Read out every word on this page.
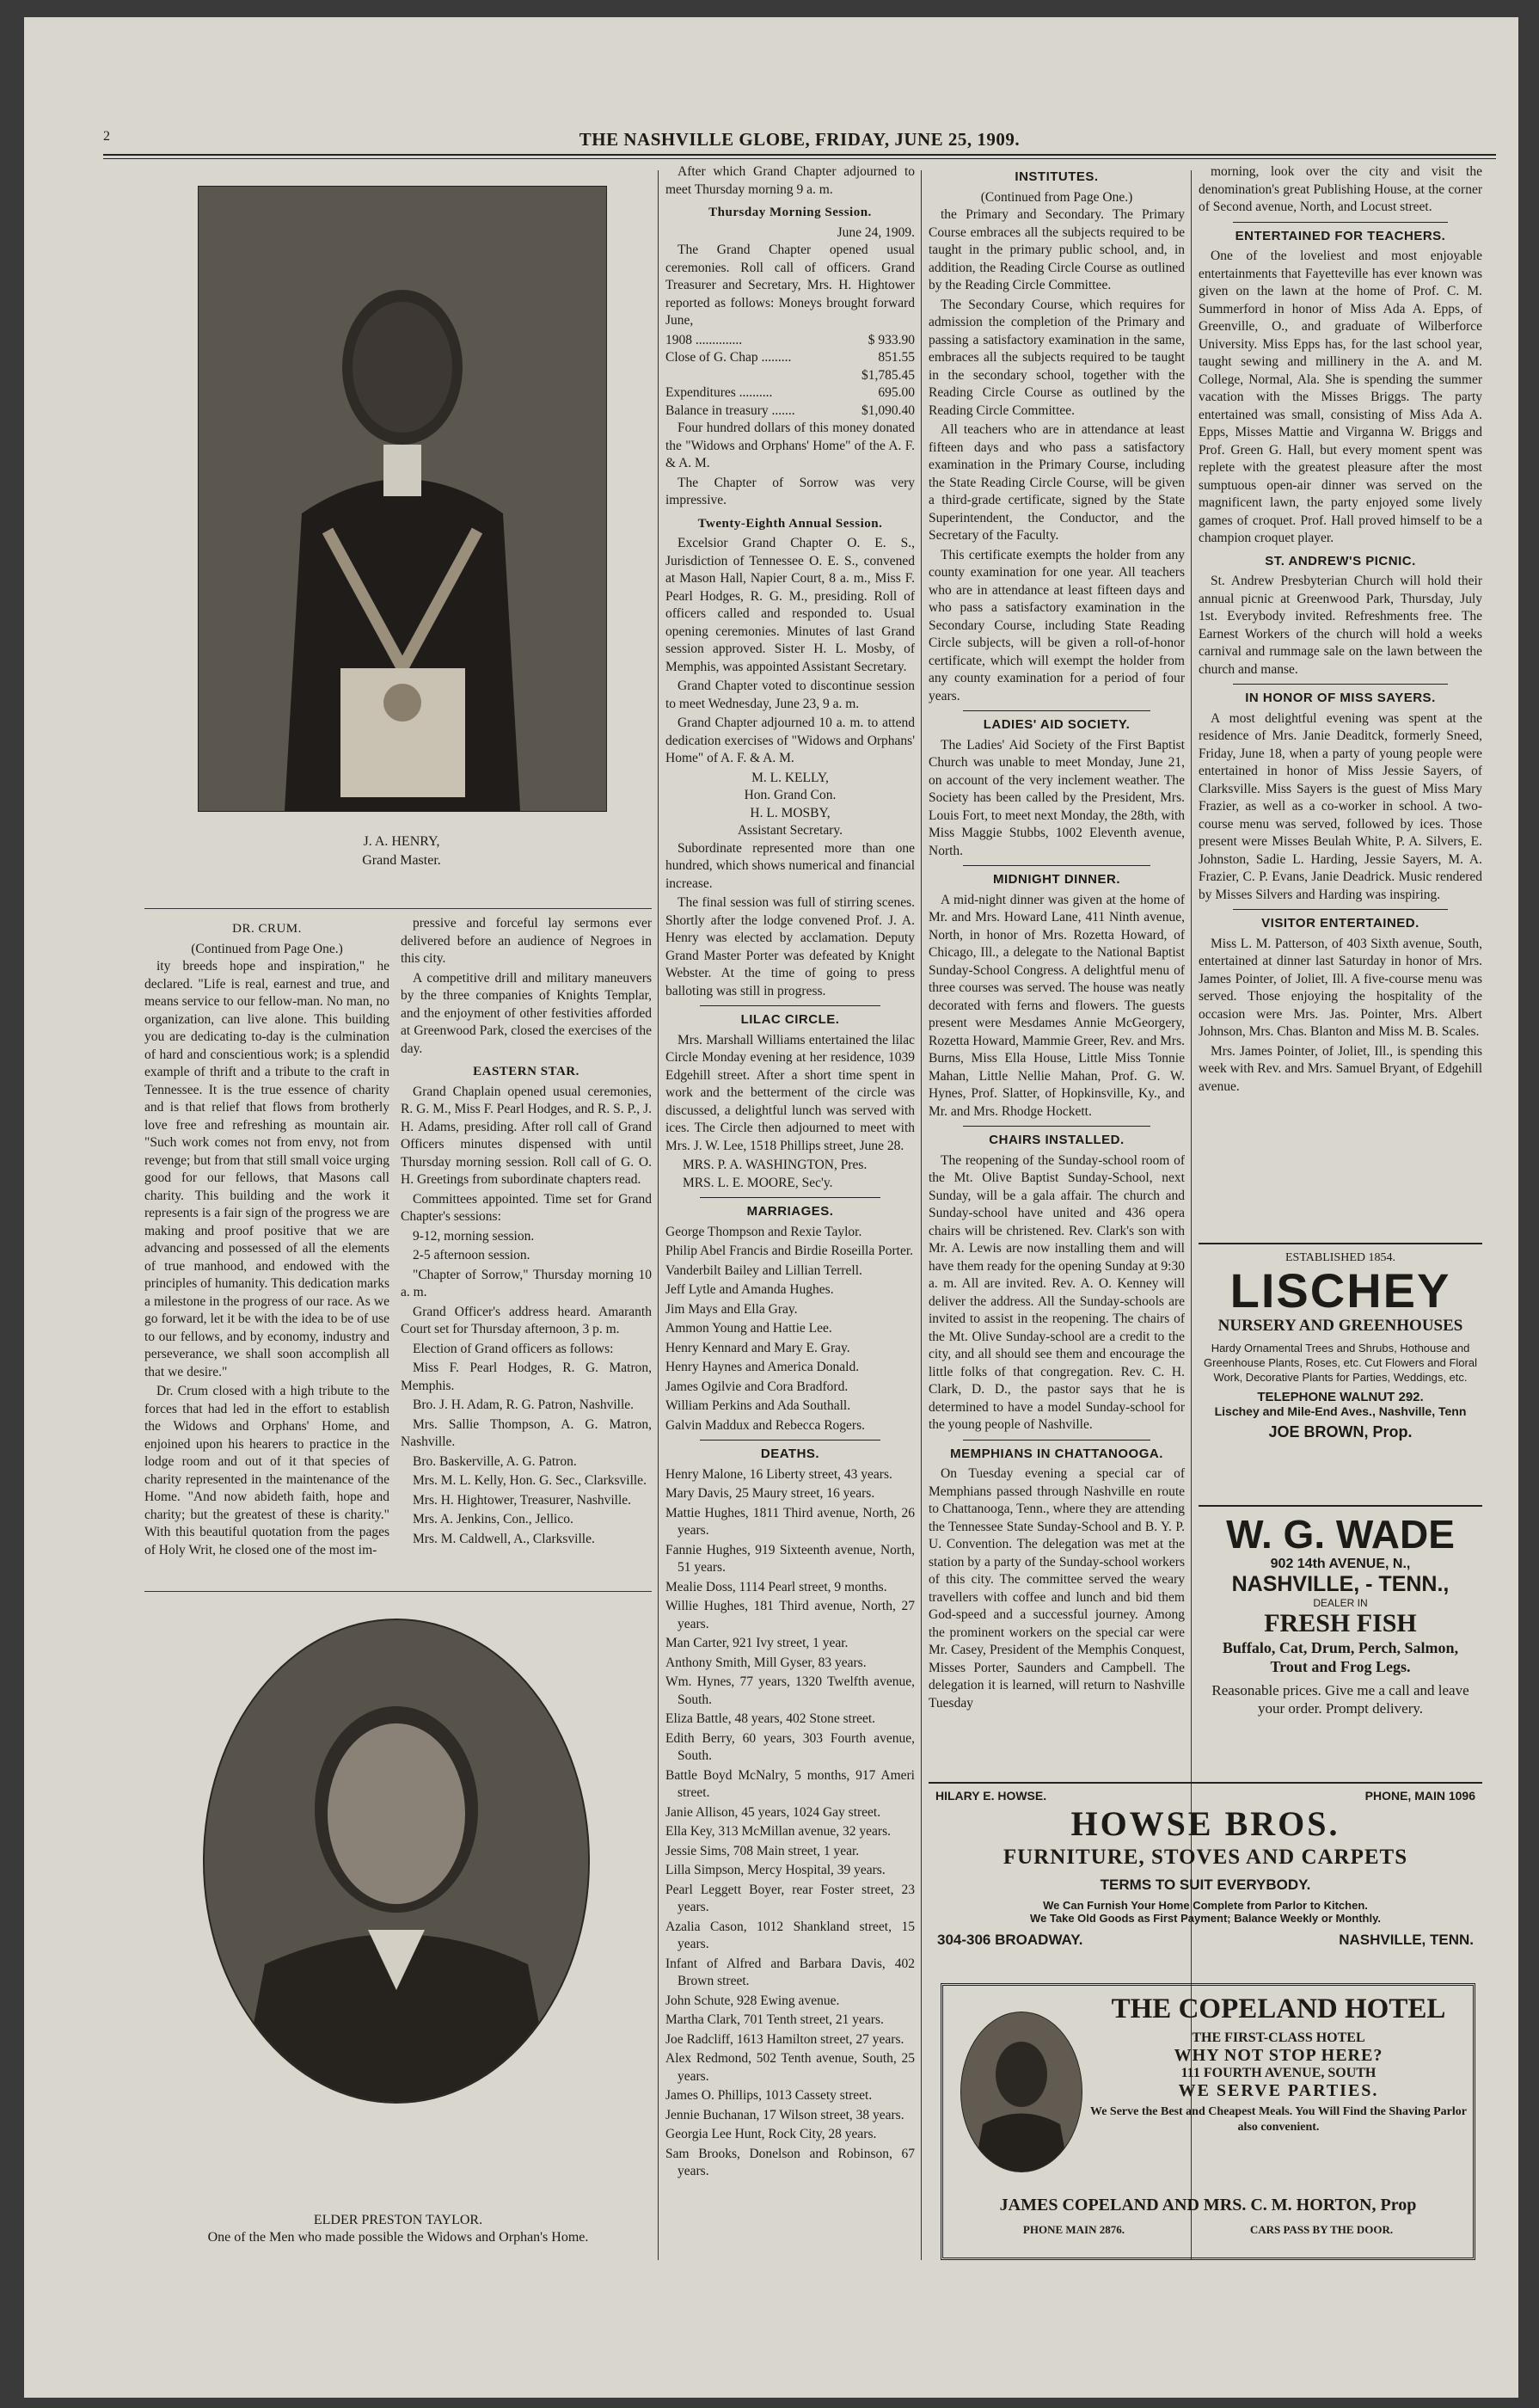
2	THE NASHVILLE GLOBE, FRIDAY, JUNE 25, 1909.
J. A. HENRY,
Grand Master.
DR. CRUM.
(Continued from Page One.)

ity breeds hope and inspiration," he declared. "Life is real, earnest and true, and means service to our fellow-man. No man, no organization, can live alone. This building you are dedicating to-day is the culmination of hard and conscientious work; is a splendid example of thrift and a tribute to the craft in Tennessee. It is the true essence of charity and is that relief that flows from brotherly love free and refreshing as mountain air. "Such work comes not from envy, not from revenge; but from that still small voice urging good for our fellows, that Masons call charity. This building and the work it represents is a fair sign of the progress we are making and proof positive that we are advancing and possessed of all the elements of true manhood, and endowed with the principles of humanity. This dedication marks a milestone in the progress of our race. As we go forward, let it be with the idea to be of use to our fellows, and by economy, industry and perseverance, we shall soon accomplish all that we desire."

Dr. Crum closed with a high tribute to the forces that had led in the effort to establish the Widows and Orphans' Home, and enjoined upon his hearers to practice in the lodge room and out of it that species of charity represented in the maintenance of the Home. "And now abideth faith, hope and charity; but the greatest of these is charity." With this beautiful quotation from the pages of Holy Writ, he closed one of the most im-

pressive and forceful lay sermons ever delivered before an audience of Negroes in this city.

A competitive drill and military maneuvers by the three companies of Knights Templar, and the enjoyment of other festivities afforded at Greenwood Park, closed the exercises of the day.

EASTERN STAR.

Grand Chaplain opened usual ceremonies, R. G. M., Miss F. Pearl Hodges, and R. S. P., J. H. Adams, presiding. After roll call of Grand Officers minutes dispensed with until Thursday morning session. Roll call of G. O. H. Greetings from subordinate chapters read.

Committees appointed. Time set for Grand Chapter's sessions:

9-12, morning session.

2-5 afternoon session.

"Chapter of Sorrow," Thursday morning 10 a. m.

Grand Officer's address heard. Amaranth Court set for Thursday afternoon, 3 p. m.

Election of Grand officers as follows:

Miss F. Pearl Hodges, R. G. Matron, Memphis.

Bro. J. H. Adam, R. G. Patron, Nashville.

Mrs. Sallie Thompson, A. G. Matron, Nashville.

Bro. Baskerville, A. G. Patron.

Mrs. M. L. Kelly, Hon. G. Sec., Clarksville.

Mrs. H. Hightower, Treasurer, Nashville.

Mrs. A. Jenkins, Con., Jellico.

Mrs. M. Caldwell, A., Clarksville.

ELDER PRESTON TAYLOR.
One of the Men who made possible the Widows and Orphan's Home.

After which Grand Chapter adjourned to meet Thursday morning 9 a. m.

Thursday Morning Session.
June 24, 1909.

The Grand Chapter opened usual ceremonies. Roll call of officers. Grand Treasurer and Secretary, Mrs. H. Hightower reported as follows: Moneys brought forward June,

1908 ..............	$ 933.90
Close of G. Chap .........	851.55
$1,785.45
Expenditures ..........	695.00
Balance in treasury .......	$1,090.40

Four hundred dollars of this money donated the "Widows and Orphans' Home" of the A. F. & A. M.

The Chapter of Sorrow was very impressive.

Twenty-Eighth Annual Session.

Excelsior Grand Chapter O. E. S., Jurisdiction of Tennessee O. E. S., convened at Mason Hall, Napier Court, 8 a. m., Miss F. Pearl Hodges, R. G. M., presiding. Roll of officers called and responded to. Usual opening ceremonies. Minutes of last Grand session approved. Sister H. L. Mosby, of Memphis, was appointed Assistant Secretary.

Grand Chapter voted to discontinue session to meet Wednesday, June 23, 9 a. m.

Grand Chapter adjourned 10 a. m. to attend dedication exercises of "Widows and Orphans' Home" of A. F. & A. M.

M. L. KELLY,
Hon. Grand Con.
H. L. MOSBY,
Assistant Secretary.

Subordinate represented more than one hundred, which shows numerical and financial increase.

The final session was full of stirring scenes. Shortly after the lodge convened Prof. J. A. Henry was elected by acclamation. Deputy Grand Master Porter was defeated by Knight Webster. At the time of going to press balloting was still in progress.

LILAC CIRCLE.

Mrs. Marshall Williams entertained the lilac Circle Monday evening at her residence, 1039 Edgehill street. After a short time spent in work and the betterment of the circle was discussed, a delightful lunch was served with ices. The Circle then adjourned to meet with Mrs. J. W. Lee, 1518 Phillips street, June 28.

MRS. P. A. WASHINGTON, Pres.
MRS. L. E. MOORE, Sec'y.
MARRIAGES.

George Thompson and Rexie Taylor.

Philip Abel Francis and Birdie Roseilla Porter.

Vanderbilt Bailey and Lillian Terrell.

Jeff Lytle and Amanda Hughes.

Jim Mays and Ella Gray.

Ammon Young and Hattie Lee.

Henry Kennard and Mary E. Gray.

Henry Haynes and America Donald.

James Ogilvie and Cora Bradford.

William Perkins and Ada Southall.

Galvin Maddux and Rebecca Rogers.

DEATHS.

Henry Malone, 16 Liberty street, 43 years.

Mary Davis, 25 Maury street, 16 years.

Mattie Hughes, 1811 Third avenue, North, 26 years.

Fannie Hughes, 919 Sixteenth avenue, North, 51 years.

Mealie Doss, 1114 Pearl street, 9 months.

Willie Hughes, 181 Third avenue, North, 27 years.

Man Carter, 921 Ivy street, 1 year.

Anthony Smith, Mill Gyser, 83 years.

Wm. Hynes, 77 years, 1320 Twelfth avenue, South.

Eliza Battle, 48 years, 402 Stone street.

Edith Berry, 60 years, 303 Fourth avenue, South.

Battle Boyd McNalry, 5 months, 917 Ameri street.

Janie Allison, 45 years, 1024 Gay street.

Ella Key, 313 McMillan avenue, 32 years.

Jessie Sims, 708 Main street, 1 year.

Lilla Simpson, Mercy Hospital, 39 years.

Pearl Leggett Boyer, rear Foster street, 23 years.

Azalia Cason, 1012 Shankland street, 15 years.

Infant of Alfred and Barbara Davis, 402 Brown street.

John Schute, 928 Ewing avenue.

Martha Clark, 701 Tenth street, 21 years.

Joe Radcliff, 1613 Hamilton street, 27 years.

Alex Redmond, 502 Tenth avenue, South, 25 years.

James O. Phillips, 1013 Cassety street.

Jennie Buchanan, 17 Wilson street, 38 years.

Georgia Lee Hunt, Rock City, 28 years.

Sam Brooks, Donelson and Robinson, 67 years.

INSTITUTES.
(Continued from Page One.)

the Primary and Secondary. The Primary Course embraces all the subjects required to be taught in the primary public school, and, in addition, the Reading Circle Course as outlined by the Reading Circle Committee.

The Secondary Course, which requires for admission the completion of the Primary and passing a satisfactory examination in the same, embraces all the subjects required to be taught in the secondary school, together with the Reading Circle Course as outlined by the Reading Circle Committee.

All teachers who are in attendance at least fifteen days and who pass a satisfactory examination in the Primary Course, including the State Reading Circle Course, will be given a third-grade certificate, signed by the State Superintendent, the Conductor, and the Secretary of the Faculty.

This certificate exempts the holder from any county examination for one year. All teachers who are in attendance at least fifteen days and who pass a satisfactory examination in the Secondary Course, including State Reading Circle subjects, will be given a roll-of-honor certificate, which will exempt the holder from any county examination for a period of four years.

LADIES' AID SOCIETY.

The Ladies' Aid Society of the First Baptist Church was unable to meet Monday, June 21, on account of the very inclement weather. The Society has been called by the President, Mrs. Louis Fort, to meet next Monday, the 28th, with Miss Maggie Stubbs, 1002 Eleventh avenue, North.

MIDNIGHT DINNER.

A mid-night dinner was given at the home of Mr. and Mrs. Howard Lane, 411 Ninth avenue, North, in honor of Mrs. Rozetta Howard, of Chicago, Ill., a delegate to the National Baptist Sunday-School Congress. A delightful menu of three courses was served. The house was neatly decorated with ferns and flowers. The guests present were Mesdames Annie McGeorgery, Rozetta Howard, Mammie Greer, Rev. and Mrs. Burns, Miss Ella House, Little Miss Tonnie Mahan, Little Nellie Mahan, Prof. G. W. Hynes, Prof. Slatter, of Hopkinsville, Ky., and Mr. and Mrs. Rhodge Hockett.

CHAIRS INSTALLED.

The reopening of the Sunday-school room of the Mt. Olive Baptist Sunday-School, next Sunday, will be a gala affair. The church and Sunday-school have united and 436 opera chairs will be christened. Rev. Clark's son with Mr. A. Lewis are now installing them and will have them ready for the opening Sunday at 9:30 a. m. All are invited. Rev. A. O. Kenney will deliver the address. All the Sunday-schools are invited to assist in the reopening. The chairs of the Mt. Olive Sunday-school are a credit to the city, and all should see them and encourage the little folks of that congregation. Rev. C. H. Clark, D. D., the pastor says that he is determined to have a model Sunday-school for the young people of Nashville.

MEMPHIANS IN CHATTANOOGA.

On Tuesday evening a special car of Memphians passed through Nashville en route to Chattanooga, Tenn., where they are attending the Tennessee State Sunday-School and B. Y. P. U. Convention. The delegation was met at the station by a party of the Sunday-school workers of this city. The committee served the weary travellers with coffee and lunch and bid them God-speed and a successful journey. Among the prominent workers on the special car were Mr. Casey, President of the Memphis Conquest, Misses Porter, Saunders and Campbell. The delegation it is learned, will return to Nashville Tuesday

morning, look over the city and visit the denomination's great Publishing House, at the corner of Second avenue, North, and Locust street.

ENTERTAINED FOR TEACHERS.

One of the loveliest and most enjoyable entertainments that Fayetteville has ever known was given on the lawn at the home of Prof. C. M. Summerford in honor of Miss Ada A. Epps, of Greenville, O., and graduate of Wilberforce University. Miss Epps has, for the last school year, taught sewing and millinery in the A. and M. College, Normal, Ala. She is spending the summer vacation with the Misses Briggs. The party entertained was small, consisting of Miss Ada A. Epps, Misses Mattie and Virganna W. Briggs and Prof. Green G. Hall, but every moment spent was replete with the greatest pleasure after the most sumptuous open-air dinner was served on the magnificent lawn, the party enjoyed some lively games of croquet. Prof. Hall proved himself to be a champion croquet player.

ST. ANDREW'S PICNIC.

St. Andrew Presbyterian Church will hold their annual picnic at Greenwood Park, Thursday, July 1st. Everybody invited. Refreshments free. The Earnest Workers of the church will hold a weeks carnival and rummage sale on the lawn between the church and manse.

IN HONOR OF MISS SAYERS.

A most delightful evening was spent at the residence of Mrs. Janie Deaditck, formerly Sneed, Friday, June 18, when a party of young people were entertained in honor of Miss Jessie Sayers, of Clarksville. Miss Sayers is the guest of Miss Mary Frazier, as well as a co-worker in school. A two-course menu was served, followed by ices. Those present were Misses Beulah White, P. A. Silvers, E. Johnston, Sadie L. Harding, Jessie Sayers, M. A. Frazier, C. P. Evans, Janie Deadrick. Music rendered by Misses Silvers and Harding was inspiring.

VISITOR ENTERTAINED.

Miss L. M. Patterson, of 403 Sixth avenue, South, entertained at dinner last Saturday in honor of Mrs. James Pointer, of Joliet, Ill. A five-course menu was served. Those enjoying the hospitality of the occasion were Mrs. Jas. Pointer, Mrs. Albert Johnson, Mrs. Chas. Blanton and Miss M. B. Scales.

Mrs. James Pointer, of Joliet, Ill., is spending this week with Rev. and Mrs. Samuel Bryant, of Edgehill avenue.

ESTABLISHED 1854.
LISCHEY
NURSERY AND GREENHOUSES
Hardy Ornamental Trees and Shrubs, Hothouse and Greenhouse Plants, Roses, etc. Cut Flowers and Floral Work, Decorative Plants for Parties, Weddings, etc.
TELEPHONE WALNUT 292.
Lischey and Mile-End Aves., Nashville, Tenn
JOE BROWN, Prop.
W. G. WADE
902 14th AVENUE, N.,
NASHVILLE, - TENN.,
DEALER IN
FRESH FISH
Buffalo, Cat, Drum, Perch, Salmon, Trout and Frog Legs.
Reasonable prices. Give me a call and leave your order. Prompt delivery.
HILARY E. HOWSE.	PHONE, MAIN 1096
HOWSE BROS.
FURNITURE, STOVES AND CARPETS
TERMS TO SUIT EVERYBODY.
We Can Furnish Your Home Complete from Parlor to Kitchen.
We Take Old Goods as First Payment; Balance Weekly or Monthly.
304-306 BROADWAY.	NASHVILLE, TENN.
THE COPELAND HOTEL
THE FIRST-CLASS HOTEL
WHY NOT STOP HERE?
111 FOURTH AVENUE, SOUTH
WE SERVE PARTIES.
We Serve the Best and Cheapest Meals. You Will Find the Shaving Parlor also convenient.
JAMES COPELAND AND MRS. C. M. HORTON, Prop
PHONE MAIN 2876.	CARS PASS BY THE DOOR.
